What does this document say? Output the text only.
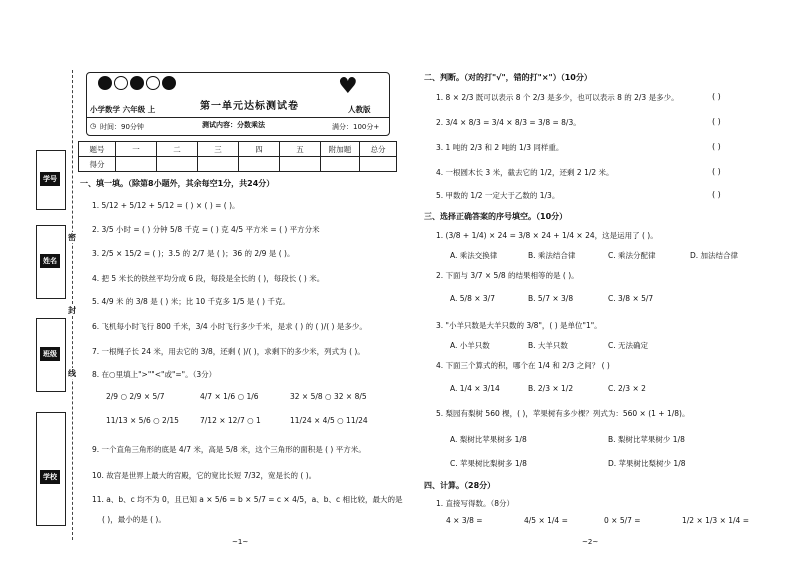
学号
姓名
班级
学校
密
封
线
小学数学 六年级 上	第一单元达标测试卷
♥
人教版
◷ 时间：90分钟	测试内容：分数乘法	满分：100分+
题号	一	二	三	四	五	附加题	总分
得分							
一、填一填。（除第8小题外，其余每空1分，共24分）
1. 5/12 + 5/12 + 5/12 = ( ) × ( ) = ( )。
2. 3/5 小时 = ( ) 分钟 5/8 千克 = ( ) 克 4/5 平方米 = ( ) 平方分米
3. 2/5 × 15/2 = ( )；3.5 的 2/7 是 ( )；36 的 2/9 是 ( )。
4. 把 5 米长的铁丝平均分成 6 段，每段是全长的 ( )，每段长 ( ) 米。
5. 4/9 米 的 3/8 是 ( ) 米；比 10 千克多 1/5 是 ( ) 千克。
6. 飞机每小时飞行 800 千米，3/4 小时飞行多少千米，是求 ( ) 的 ( )/( ) 是多少。
7. 一根绳子长 24 米，用去它的 3/8，还剩 ( )/( )，求剩下的多少米，列式为 ( )。
8. 在○里填上">""<"或"="。（3分）
2/9 ○ 2/9 × 5/7	4/7 × 1/6 ○ 1/6	32 × 5/8 ○ 32 × 8/5
11/13 × 5/6 ○ 2/15	7/12 × 12/7 ○ 1	11/24 × 4/5 ○ 11/24
9. 一个直角三角形的底是 4/7 米，高是 5/8 米，这个三角形的面积是 ( ) 平方米。
10. 故宫是世界上最大的宫殿，它的宽比长短 7/32，宽是长的 ( )。
11. a、b、c 均不为 0，且已知 a × 5/6 = b × 5/7 = c × 4/5，a、b、c 相比较，最大的是
( )，最小的是 ( )。
~1~
二、判断。（对的打"√"，错的打"×"）（10分）
1. 8 × 2/3 既可以表示 8 个 2/3 是多少，也可以表示 8 的 2/3 是多少。	( )
2. 3/4 × 8/3 = 3/4 × 8/3 = 3/8 = 8/3。	( )
3. 1 吨的 2/3 和 2 吨的 1/3 同样重。	( )
4. 一根圆木长 3 米，截去它的 1/2，还剩 2 1/2 米。	( )
5. 甲数的 1/2 一定大于乙数的 1/3。	( )
三、选择正确答案的序号填空。（10分）
1. (3/8 + 1/4) × 24 = 3/8 × 24 + 1/4 × 24，这是运用了 ( )。
A. 乘法交换律	B. 乘法结合律	C. 乘法分配律	D. 加法结合律
2. 下面与 3/7 × 5/8 的结果相等的是 ( )。
A. 5/8 × 3/7	B. 5/7 × 3/8	C. 3/8 × 5/7
3. "小羊只数是大羊只数的 3/8"，( ) 是单位"1"。
A. 小羊只数	B. 大羊只数	C. 无法确定
4. 下面三个算式的积，哪个在 1/4 和 2/3 之间？ ( )
A. 1/4 × 3/14	B. 2/3 × 1/2	C. 2/3 × 2
5. 梨园有梨树 560 棵，( )，苹果树有多少棵？列式为：560 × (1 + 1/8)。
A. 梨树比苹果树多 1/8	B. 梨树比苹果树少 1/8
C. 苹果树比梨树多 1/8	D. 苹果树比梨树少 1/8
四、计算。（28分）
1. 直接写得数。（8分）
4 × 3/8 =	4/5 × 1/4 =	0 × 5/7 =	1/2 × 1/3 × 1/4 =
~2~
